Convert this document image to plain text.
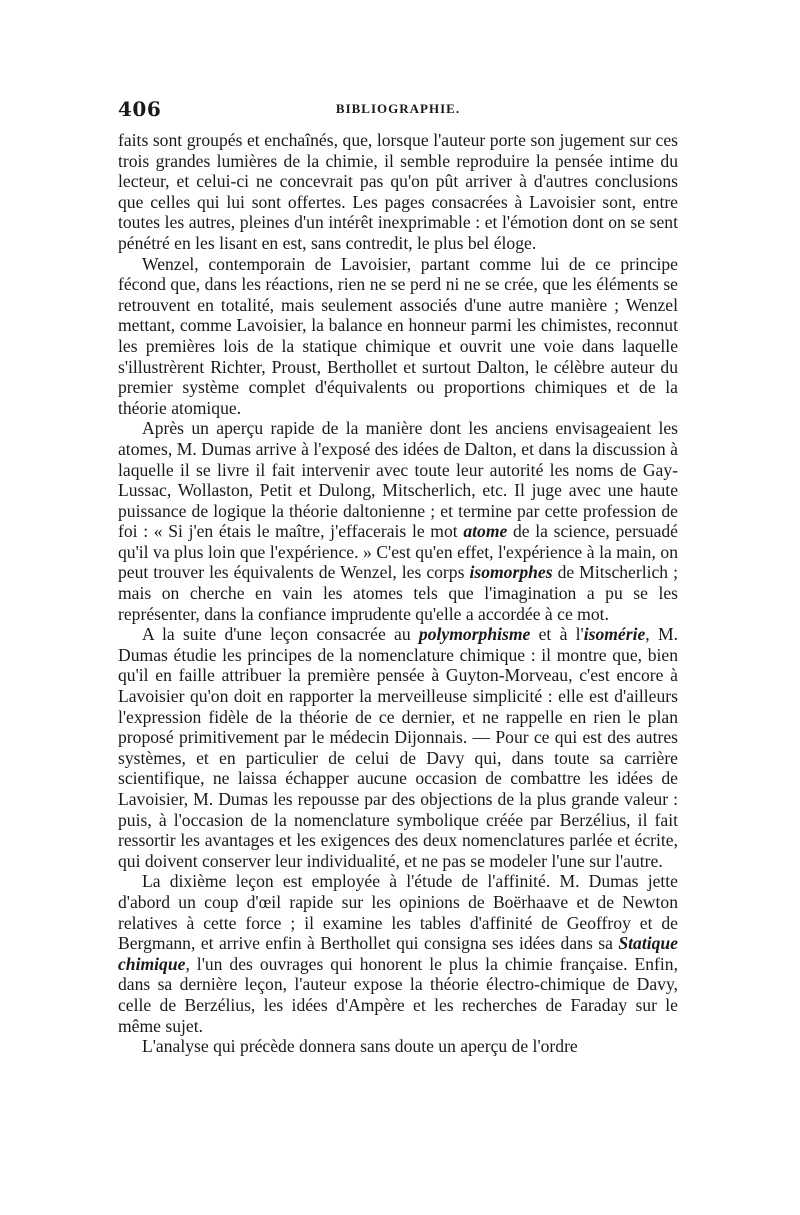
406	BIBLIOGRAPHIE.

faits sont groupés et enchaînés, que, lorsque l'auteur porte son jugement sur ces trois grandes lumières de la chimie, il semble reproduire la pensée intime du lecteur, et celui-ci ne concevrait pas qu'on pût arriver à d'autres conclusions que celles qui lui sont offertes. Les pages consacrées à Lavoisier sont, entre toutes les autres, pleines d'un intérêt inexprimable : et l'émotion dont on se sent pénétré en les lisant en est, sans contredit, le plus bel éloge.

Wenzel, contemporain de Lavoisier, partant comme lui de ce principe fécond que, dans les réactions, rien ne se perd ni ne se crée, que les éléments se retrouvent en totalité, mais seulement associés d'une autre manière ; Wenzel mettant, comme Lavoisier, la balance en honneur parmi les chimistes, reconnut les premières lois de la statique chimique et ouvrit une voie dans laquelle s'illustrèrent Richter, Proust, Berthollet et surtout Dalton, le célèbre auteur du premier système complet d'équivalents ou proportions chimiques et de la théorie atomique.

Après un aperçu rapide de la manière dont les anciens envisageaient les atomes, M. Dumas arrive à l'exposé des idées de Dalton, et dans la discussion à laquelle il se livre il fait intervenir avec toute leur autorité les noms de Gay-Lussac, Wollaston, Petit et Dulong, Mitscherlich, etc. Il juge avec une haute puissance de logique la théorie daltonienne ; et termine par cette profession de foi : « Si j'en étais le maître, j'effacerais le mot atome de la science, persuadé qu'il va plus loin que l'expérience. » C'est qu'en effet, l'expérience à la main, on peut trouver les équivalents de Wenzel, les corps isomorphes de Mitscherlich ; mais on cherche en vain les atomes tels que l'imagination a pu se les représenter, dans la confiance imprudente qu'elle a accordée à ce mot.

A la suite d'une leçon consacrée au polymorphisme et à l'isomérie, M. Dumas étudie les principes de la nomenclature chimique : il montre que, bien qu'il en faille attribuer la première pensée à Guyton-Morveau, c'est encore à Lavoisier qu'on doit en rapporter la merveilleuse simplicité : elle est d'ailleurs l'expression fidèle de la théorie de ce dernier, et ne rappelle en rien le plan proposé primitivement par le médecin Dijonnais. — Pour ce qui est des autres systèmes, et en particulier de celui de Davy qui, dans toute sa carrière scientifique, ne laissa échapper aucune occasion de combattre les idées de Lavoisier, M. Dumas les repousse par des objections de la plus grande valeur : puis, à l'occasion de la nomenclature symbolique créée par Berzélius, il fait ressortir les avantages et les exigences des deux nomenclatures parlée et écrite, qui doivent conserver leur individualité, et ne pas se modeler l'une sur l'autre.

La dixième leçon est employée à l'étude de l'affinité. M. Dumas jette d'abord un coup d'œil rapide sur les opinions de Boërhaave et de Newton relatives à cette force ; il examine les tables d'affinité de Geoffroy et de Bergmann, et arrive enfin à Berthollet qui consigna ses idées dans sa Statique chimique, l'un des ouvrages qui honorent le plus la chimie française. Enfin, dans sa dernière leçon, l'auteur expose la théorie électro-chimique de Davy, celle de Berzélius, les idées d'Ampère et les recherches de Faraday sur le même sujet.

L'analyse qui précède donnera sans doute un aperçu de l'ordre
